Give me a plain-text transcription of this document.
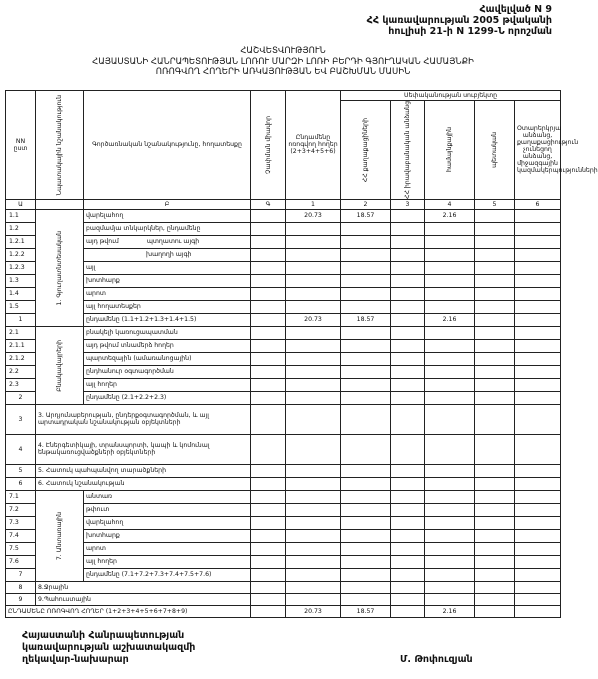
Հավելված N 9
ՀՀ կառավարության 2005 թվականի
հուլիսի 21-ի N 1299-Ն որոշման
ՀԱՇՎԵՏՎՈՒԹՅՈՒՆ
ՀԱՅԱՍՏԱՆԻ ՀԱՆՐԱՊԵՏՈՒԹՅԱՆ ԼՈՌՈՒ ՄԱՐԶԻ ԼՈՌԻ ԲԵՐԴԻ ԳՅՈՒՂԱԿԱՆ ՀԱՄԱՅՆՔԻ
ՈՌՈԳՎՈՂ ՀՈՂԵՐԻ ԱՌԿԱՅՈՒԹՅԱՆ ԵՎ ԲԱՇԽՄԱՆ ՄԱՍԻՆ
NN ըստ	Նպատակային նշանակություն	Գործառնական նշանակությունը, հողատեսքը	Չափման միավոր	Ընդամենը ոռոգվող հողեր (2+3+4+5+6)	Սեփականության սուբյեկտը				

					ՀՀ քաղաքացիների	ՀՀ իրավաբանական անձանց	համայնքային	պետական	Օտարերկրյա անձանց, քաղաքացիություն չունեցող անձանց, միջազգային կազմակերպությունների
Ա		Բ	Գ	1	2	3	4	5	6
1.1	1. Գյուղատնտեսական	վարելահող		20.73	18.57		2.16		
1.2		բազմամյա տնկարկներ, ընդամենը							
1.2.1		այդ թվում պտղատու այգի							
1.2.2		խաղողի այգի							
1.2.3		այլ							
1.3		խոտհարք							
1.4		արոտ							
1.5		այլ հողատեսքեր							
1		ընդամենը (1.1+1.2+1.3+1.4+1.5)		20.73	18.57		2.16		
2.1	Բնակավայրերի	բնակելի կառուցապատման							
2.1.1		այդ թվում տնամերձ հողեր							
2.1.2		պարտեզային (ամառանոցային)							
2.2		ընդհանուր օգտագործման							
2.3		այլ հողեր							
2		ընդամենը (2.1+2.2+2.3)							
3	3. Արդյունաբերության, ընդերքօգտագործման, և այլ արտադրական նշանակության օբյեկտների								
4	4. Էներգետիկայի, տրանսպորտի, կապի և կոմունալ ենթակառուցվածքների օբյեկտների								
5	5. Հատուկ պահպանվող տարածքների								
6	6. Հատուկ նշանակության								
7.1	7. Անտառային	անտառ							
7.2		թփուտ							
7.3		վարելահող							
7.4		խոտհարք							
7.5		արոտ							
7.6		այլ հողեր							
7		ընդամենը (7.1+7.2+7.3+7.4+7.5+7.6)							
8	8.Ջրային								
9	9.Պահուստային								
ԸՆԴԱՄԵՆԸ ՈՌՈԳՎՈՂ ՀՈՂԵՐ (1+2+3+4+5+6+7+8+9)				20.73	18.57		2.16		
Հայաստանի Հանրապետության
կառավարության աշխատակազմի
ղեկավար-նախարար	Մ. Թոփուզյան
